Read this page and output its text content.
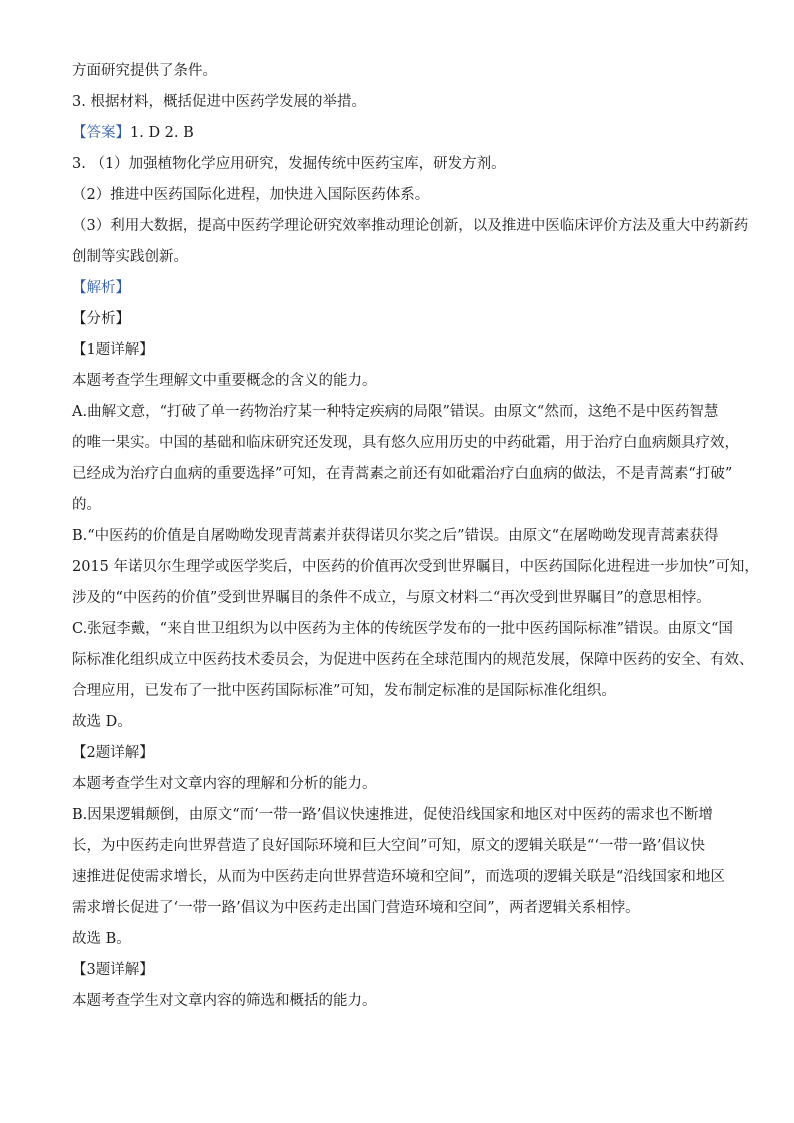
方面研究提供了条件。
3. 根据材料，概括促进中医药学发展的举措。
【答案】1. D 2. B
3. （1）加强植物化学应用研究，发掘传统中医药宝库，研发方剂。
（2）推进中医药国际化进程，加快进入国际医药体系。
（3）利用大数据，提高中医药学理论研究效率推动理论创新，以及推进中医临床评价方法及重大中药新药
创制等实践创新。
【解析】
【分析】
【1题详解】
本题考查学生理解文中重要概念的含义的能力。
A.曲解文意，“打破了单一药物治疗某一种特定疾病的局限”错误。由原文“然而，这绝不是中医药智慧
的唯一果实。中国的基础和临床研究还发现，具有悠久应用历史的中药砒霜，用于治疗白血病颇具疗效，
已经成为治疗白血病的重要选择”可知，在青蒿素之前还有如砒霜治疗白血病的做法，不是青蒿素“打破”
的。
B.“中医药的价值是自屠呦呦发现青蒿素并获得诺贝尔奖之后”错误。由原文“在屠呦呦发现青蒿素获得
2015 年诺贝尔生理学或医学奖后，中医药的价值再次受到世界瞩目，中医药国际化进程进一步加快”可知，
涉及的“中医药的价值”受到世界瞩目的条件不成立，与原文材料二“再次受到世界瞩目”的意思相悖。
C.张冠李戴，“来自世卫组织为以中医药为主体的传统医学发布的一批中医药国际标准”错误。由原文“国
际标准化组织成立中医药技术委员会，为促进中医药在全球范围内的规范发展，保障中医药的安全、有效、
合理应用，已发布了一批中医药国际标准”可知，发布制定标准的是国际标准化组织。
故选 D。
【2题详解】
本题考查学生对文章内容的理解和分析的能力。
B.因果逻辑颠倒，由原文“而‘一带一路’倡议快速推进，促使沿线国家和地区对中医药的需求也不断增
长，为中医药走向世界营造了良好国际环境和巨大空间”可知，原文的逻辑关联是“‘一带一路’倡议快
速推进促使需求增长，从而为中医药走向世界营造环境和空间”，而选项的逻辑关联是“沿线国家和地区
需求增长促进了‘一带一路’倡议为中医药走出国门营造环境和空间”，两者逻辑关系相悖。
故选 B。
【3题详解】
本题考查学生对文章内容的筛选和概括的能力。
